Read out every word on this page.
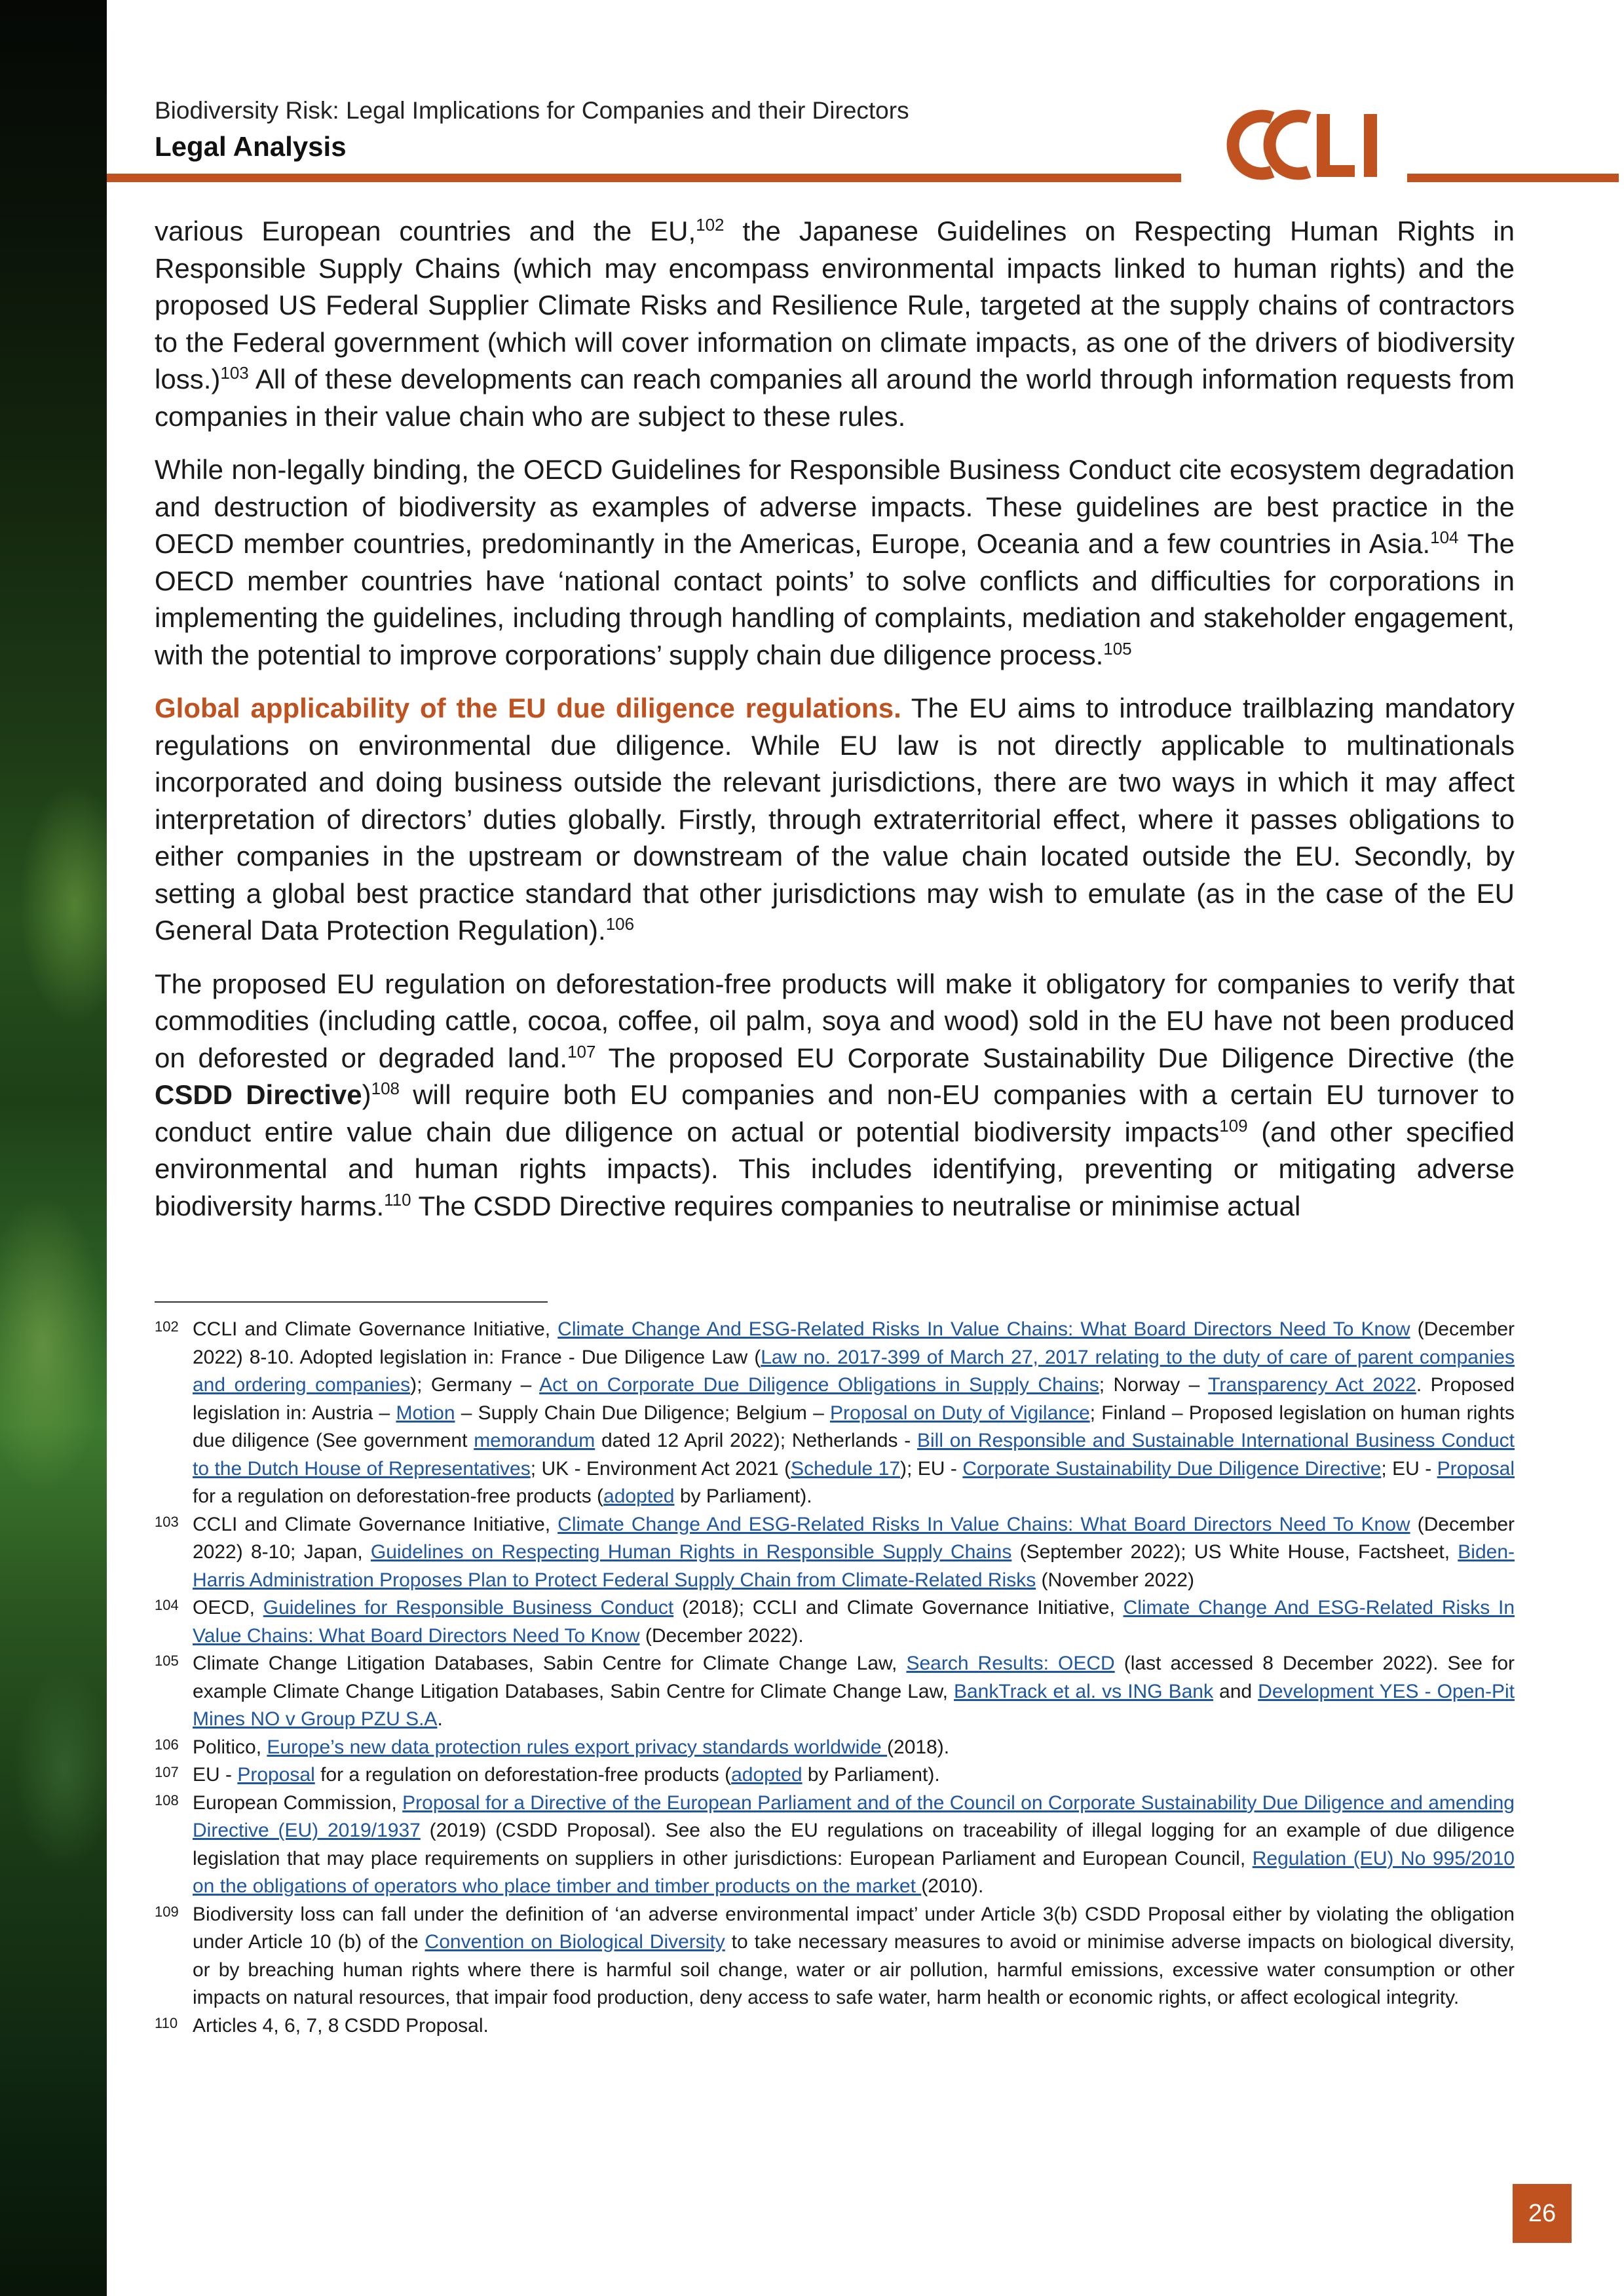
Biodiversity Risk: Legal Implications for Companies and their Directors
Legal Analysis

various European countries and the EU,$^{102}$ the Japanese Guidelines on Respecting Human Rights in Responsible Supply Chains (which may encompass environmental impacts linked to human rights) and the proposed US Federal Supplier Climate Risks and Resilience Rule, targeted at the supply chains of contractors to the Federal government (which will cover information on climate impacts, as one of the drivers of biodiversity loss.)$^{103}$ All of these developments can reach companies all around the world through information requests from companies in their value chain who are subject to these rules.

While non-legally binding, the OECD Guidelines for Responsible Business Conduct cite ecosystem degradation and destruction of biodiversity as examples of adverse impacts. These guidelines are best practice in the OECD member countries, predominantly in the Americas, Europe, Oceania and a few countries in Asia.$^{104}$ The OECD member countries have ‘national contact points’ to solve conflicts and difficulties for corporations in implementing the guidelines, including through handling of complaints, mediation and stakeholder engagement, with the potential to improve corporations’ supply chain due diligence process.$^{105}$

Global applicability of the EU due diligence regulations. The EU aims to introduce trailblazing mandatory regulations on environmental due diligence. While EU law is not directly applicable to multinationals incorporated and doing business outside the relevant jurisdictions, there are two ways in which it may affect interpretation of directors’ duties globally. Firstly, through extraterritorial effect, where it passes obligations to either companies in the upstream or downstream of the value chain located outside the EU. Secondly, by setting a global best practice standard that other jurisdictions may wish to emulate (as in the case of the EU General Data Protection Regulation).$^{106}$

The proposed EU regulation on deforestation-free products will make it obligatory for companies to verify that commodities (including cattle, cocoa, coffee, oil palm, soya and wood) sold in the EU have not been produced on deforested or degraded land.$^{107}$ The proposed EU Corporate Sustainability Due Diligence Directive (the CSDD Directive)$^{108}$ will require both EU companies and non-EU companies with a certain EU turnover to conduct entire value chain due diligence on actual or potential biodiversity impacts$^{109}$ (and other specified environmental and human rights impacts). This includes identifying, preventing or mitigating adverse biodiversity harms.$^{110}$ The CSDD Directive requires companies to neutralise or minimise actual

102 CCLI and Climate Governance Initiative, Climate Change And ESG-Related Risks In Value Chains: What Board Directors Need To Know (December 2022) 8-10. Adopted legislation in: France - Due Diligence Law (Law no. 2017-399 of March 27, 2017 relating to the duty of care of parent companies and ordering companies); Germany – Act on Corporate Due Diligence Obligations in Supply Chains; Norway – Transparency Act 2022. Proposed legislation in: Austria – Motion – Supply Chain Due Diligence; Belgium – Proposal on Duty of Vigilance; Finland – Proposed legislation on human rights due diligence (See government memorandum dated 12 April 2022); Netherlands - Bill on Responsible and Sustainable International Business Conduct to the Dutch House of Representatives; UK - Environment Act 2021 (Schedule 17); EU - Corporate Sustainability Due Diligence Directive; EU - Proposal for a regulation on deforestation-free products (adopted by Parliament).
103 CCLI and Climate Governance Initiative, Climate Change And ESG-Related Risks In Value Chains: What Board Directors Need To Know (December 2022) 8-10; Japan, Guidelines on Respecting Human Rights in Responsible Supply Chains (September 2022); US White House, Factsheet, Biden-Harris Administration Proposes Plan to Protect Federal Supply Chain from Climate-Related Risks (November 2022)
104 OECD, Guidelines for Responsible Business Conduct (2018); CCLI and Climate Governance Initiative, Climate Change And ESG-Related Risks In Value Chains: What Board Directors Need To Know (December 2022).
105 Climate Change Litigation Databases, Sabin Centre for Climate Change Law, Search Results: OECD (last accessed 8 December 2022). See for example Climate Change Litigation Databases, Sabin Centre for Climate Change Law, BankTrack et al. vs ING Bank and Development YES - Open-Pit Mines NO v Group PZU S.A.
106 Politico, Europe’s new data protection rules export privacy standards worldwide (2018).
107 EU - Proposal for a regulation on deforestation-free products (adopted by Parliament).
108 European Commission, Proposal for a Directive of the European Parliament and of the Council on Corporate Sustainability Due Diligence and amending Directive (EU) 2019/1937 (2019) (CSDD Proposal). See also the EU regulations on traceability of illegal logging for an example of due diligence legislation that may place requirements on suppliers in other jurisdictions: European Parliament and European Council, Regulation (EU) No 995/2010 on the obligations of operators who place timber and timber products on the market (2010).
109 Biodiversity loss can fall under the definition of ‘an adverse environmental impact’ under Article 3(b) CSDD Proposal either by violating the obligation under Article 10 (b) of the Convention on Biological Diversity to take necessary measures to avoid or minimise adverse impacts on biological diversity, or by breaching human rights where there is harmful soil change, water or air pollution, harmful emissions, excessive water consumption or other impacts on natural resources, that impair food production, deny access to safe water, harm health or economic rights, or affect ecological integrity.
110 Articles 4, 6, 7, 8 CSDD Proposal.
26
